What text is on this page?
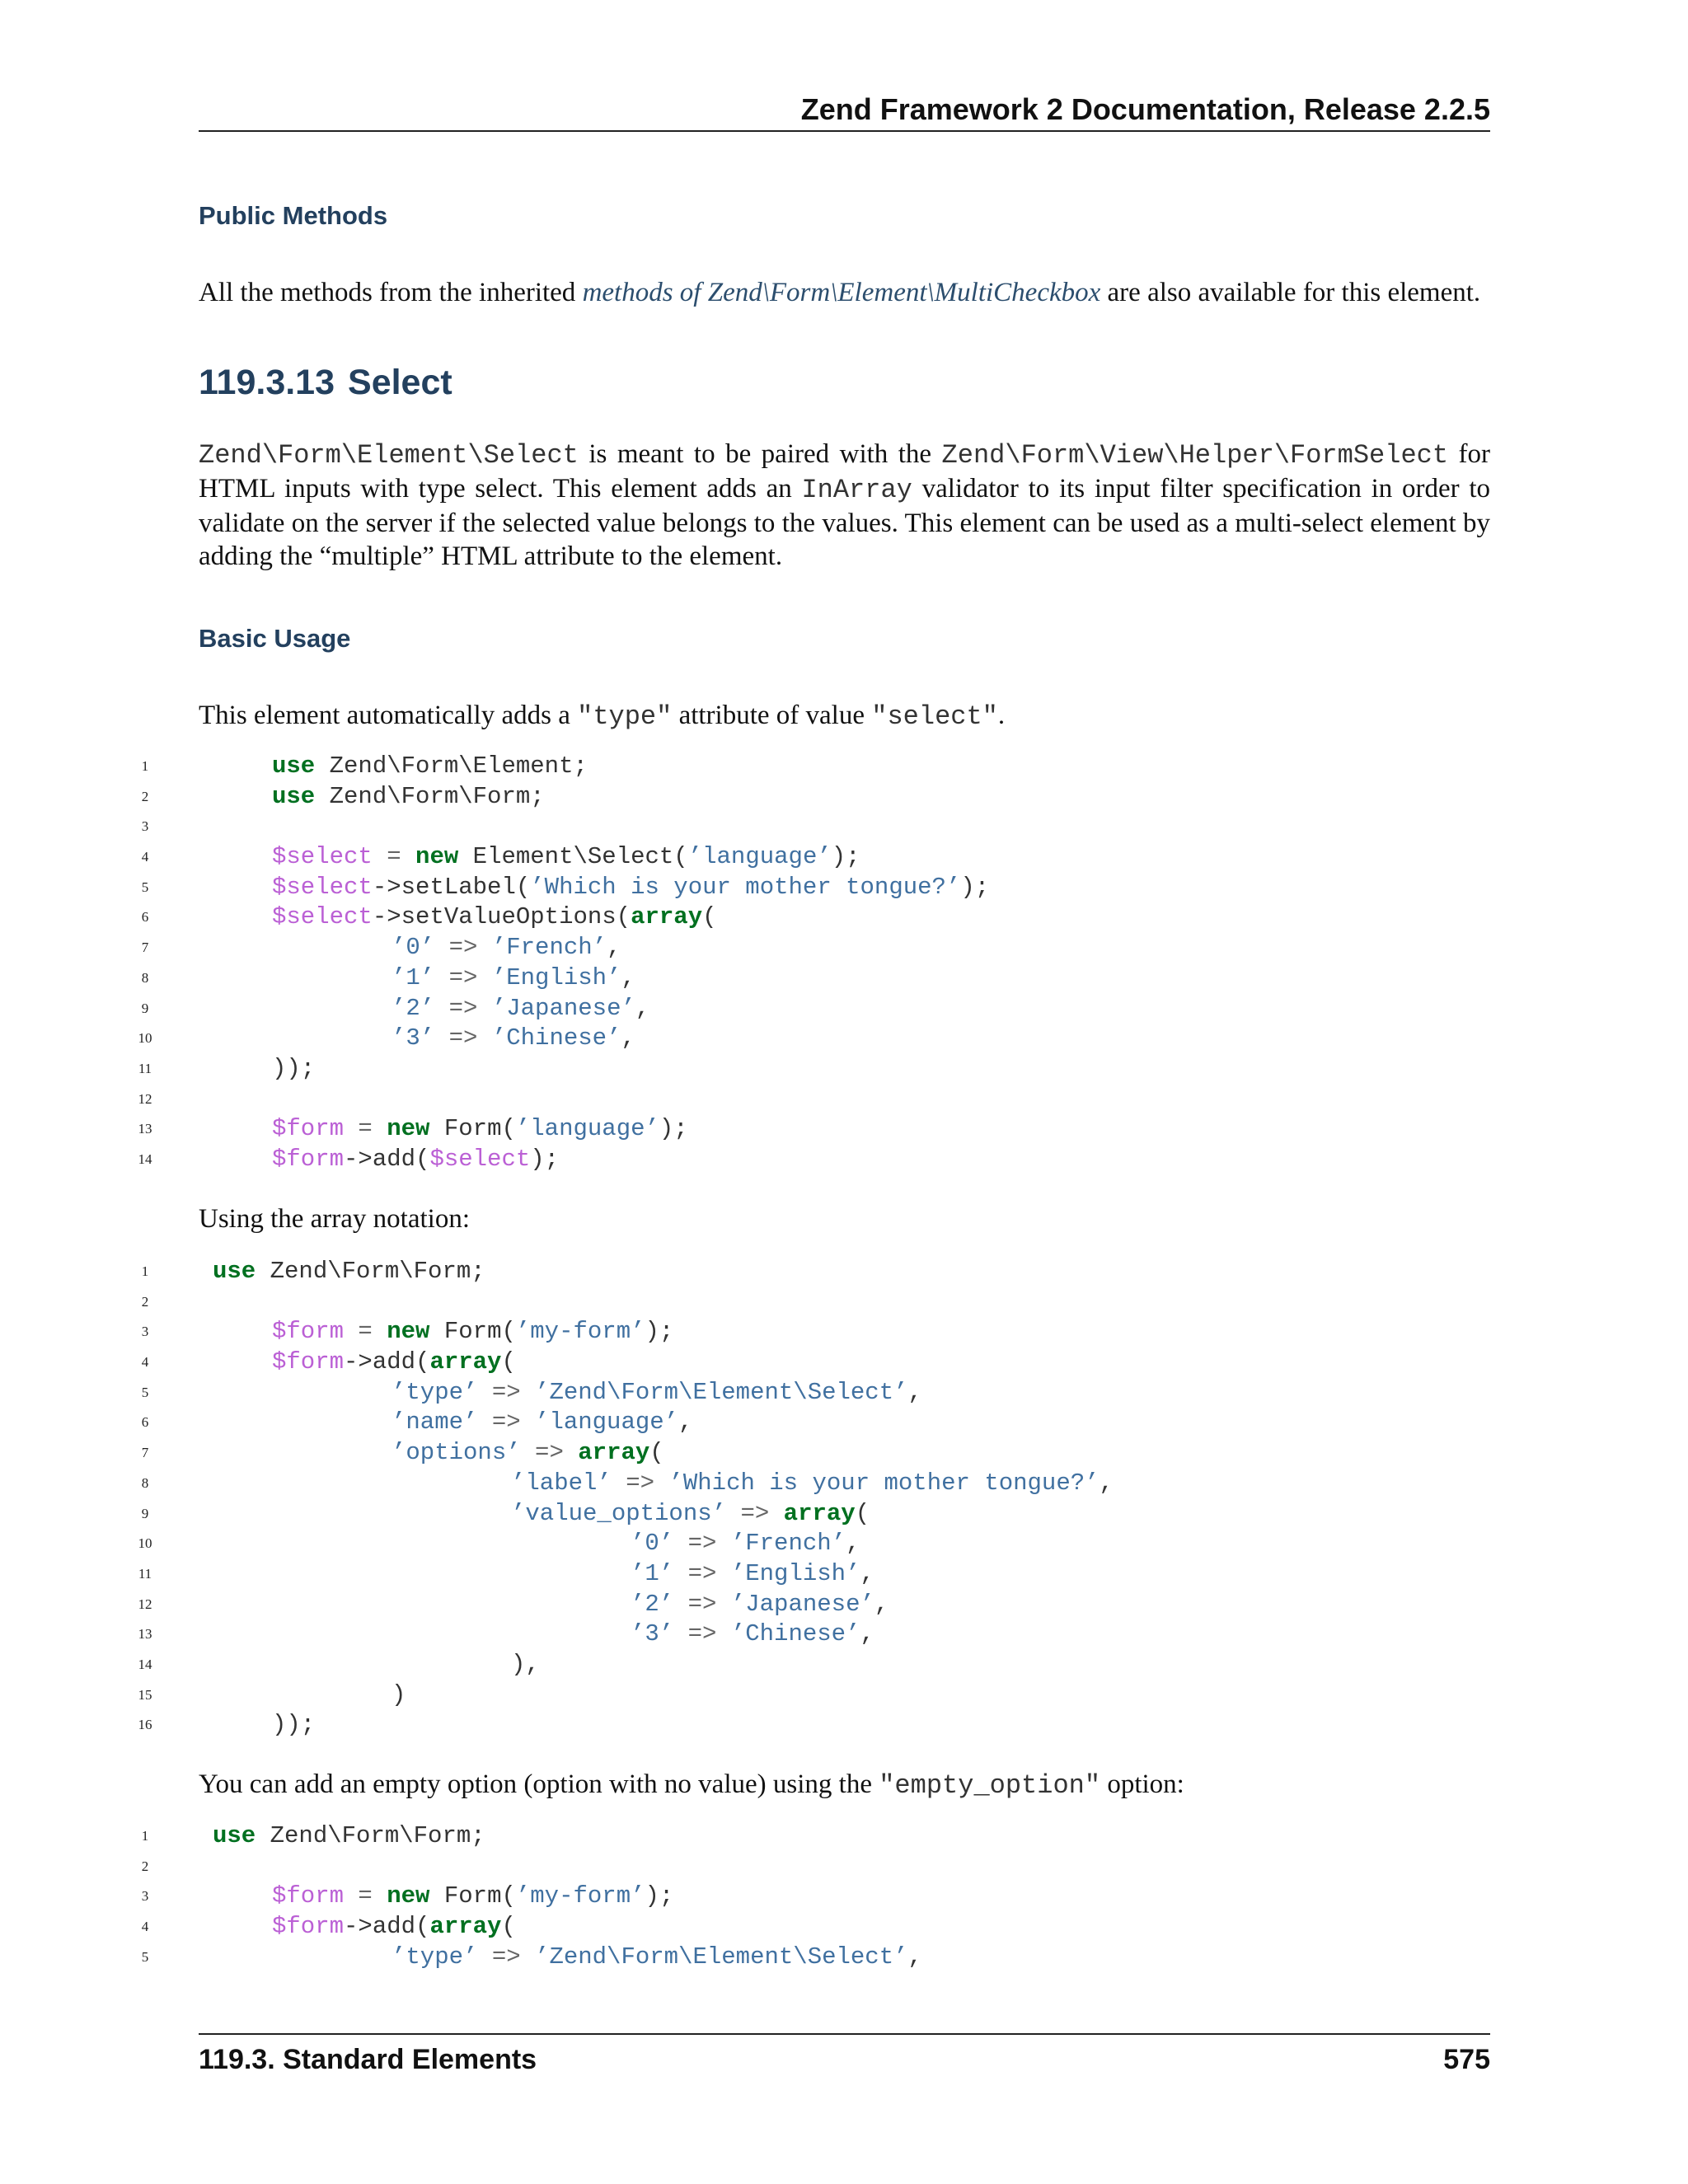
Zend Framework 2 Documentation, Release 2.2.5
Public Methods
All the methods from the inherited methods of Zend\Form\Element\MultiCheckbox are also available for this element.
119.3.13 Select
Zend\Form\Element\Select is meant to be paired with the Zend\Form\View\Helper\FormSelect for HTML inputs with type select. This element adds an InArray validator to its input filter specification in order to validate on the server if the selected value belongs to the values. This element can be used as a multi-select element by adding the “multiple” HTML attribute to the element.
Basic Usage
This element automatically adds a "type" attribute of value "select".
1	use Zend\Form\Element;
2	use Zend\Form\Form;
3
4	$select = new Element\Select(’language’);
5	$select->setLabel(’Which is your mother tongue?’);
6	$select->setValueOptions(array(
7	’0’ => ’French’,
8	’1’ => ’English’,
9	’2’ => ’Japanese’,
10	’3’ => ’Chinese’,
11	));
12
13	$form = new Form(’language’);
14	$form->add($select);
Using the array notation:
1	use Zend\Form\Form;
2
3	$form = new Form(’my-form’);
4	$form->add(array(
5	’type’ => ’Zend\Form\Element\Select’,
6	’name’ => ’language’,
7	’options’ => array(
8	’label’ => ’Which is your mother tongue?’,
9	’value_options’ => array(
10	’0’ => ’French’,
11	’1’ => ’English’,
12	’2’ => ’Japanese’,
13	’3’ => ’Chinese’,
14	),
15	)
16	));
You can add an empty option (option with no value) using the "empty_option" option:
1	use Zend\Form\Form;
2
3	$form = new Form(’my-form’);
4	$form->add(array(
5	’type’ => ’Zend\Form\Element\Select’,
119.3. Standard Elements	575
